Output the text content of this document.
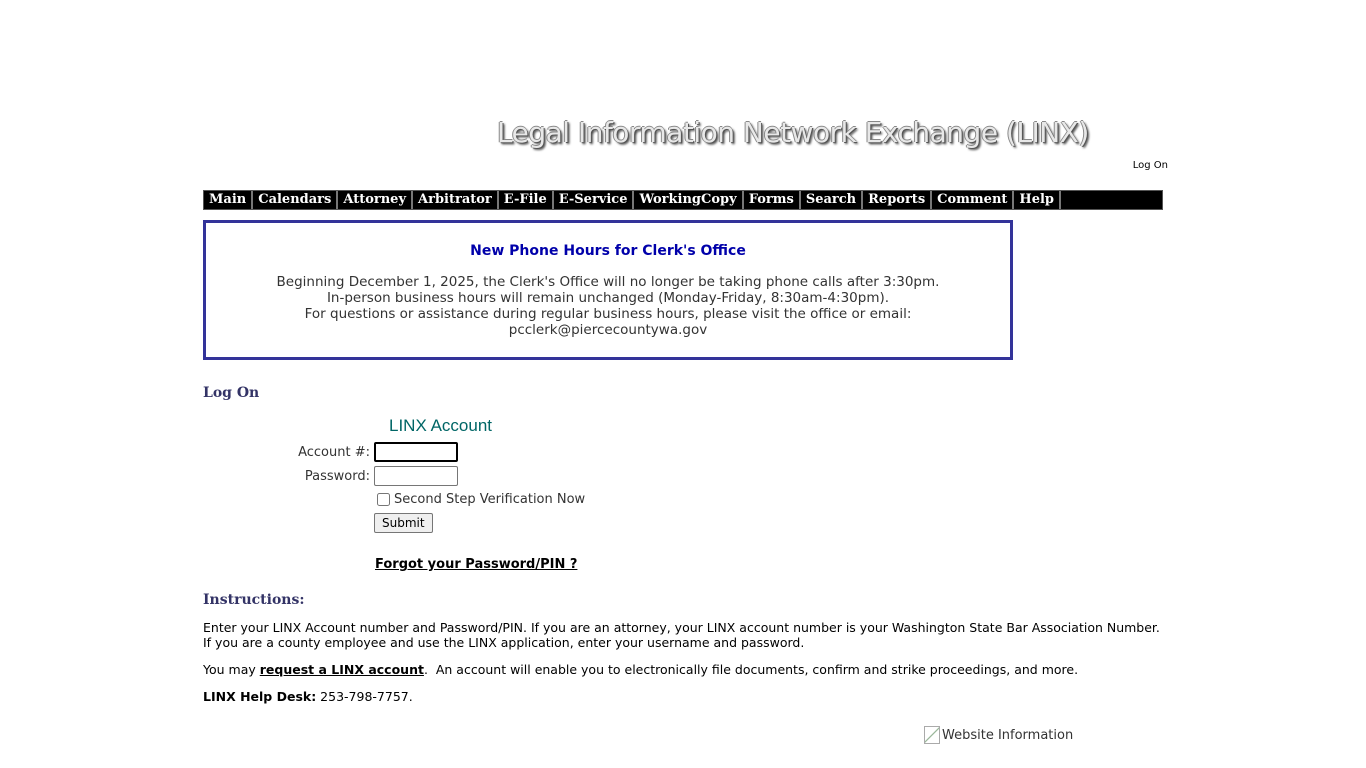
Legal Information Network Exchange (LINX)
Log On
Main Calendars Attorney Arbitrator E-File E-Service WorkingCopy Forms Search Reports Comment Help
New Phone Hours for Clerk's Office
Beginning December 1, 2025, the Clerk's Office will no longer be taking phone calls after 3:30pm.
In-person business hours will remain unchanged (Monday-Friday, 8:30am-4:30pm).
For questions or assistance during regular business hours, please visit the office or email:
pcclerk@piercecountywa.gov
Log On
LINX Account
Account #:
Password:
Second Step Verification Now
Submit
Forgot your Password/PIN ?
Instructions:
Enter your LINX Account number and Password/PIN. If you are an attorney, your LINX account number is your Washington State Bar Association Number. If you are a county employee and use the LINX application, enter your username and password.
You may request a LINX account.  An account will enable you to electronically file documents, confirm and strike proceedings, and more.
LINX Help Desk: 253-798-7757.
Website Information
